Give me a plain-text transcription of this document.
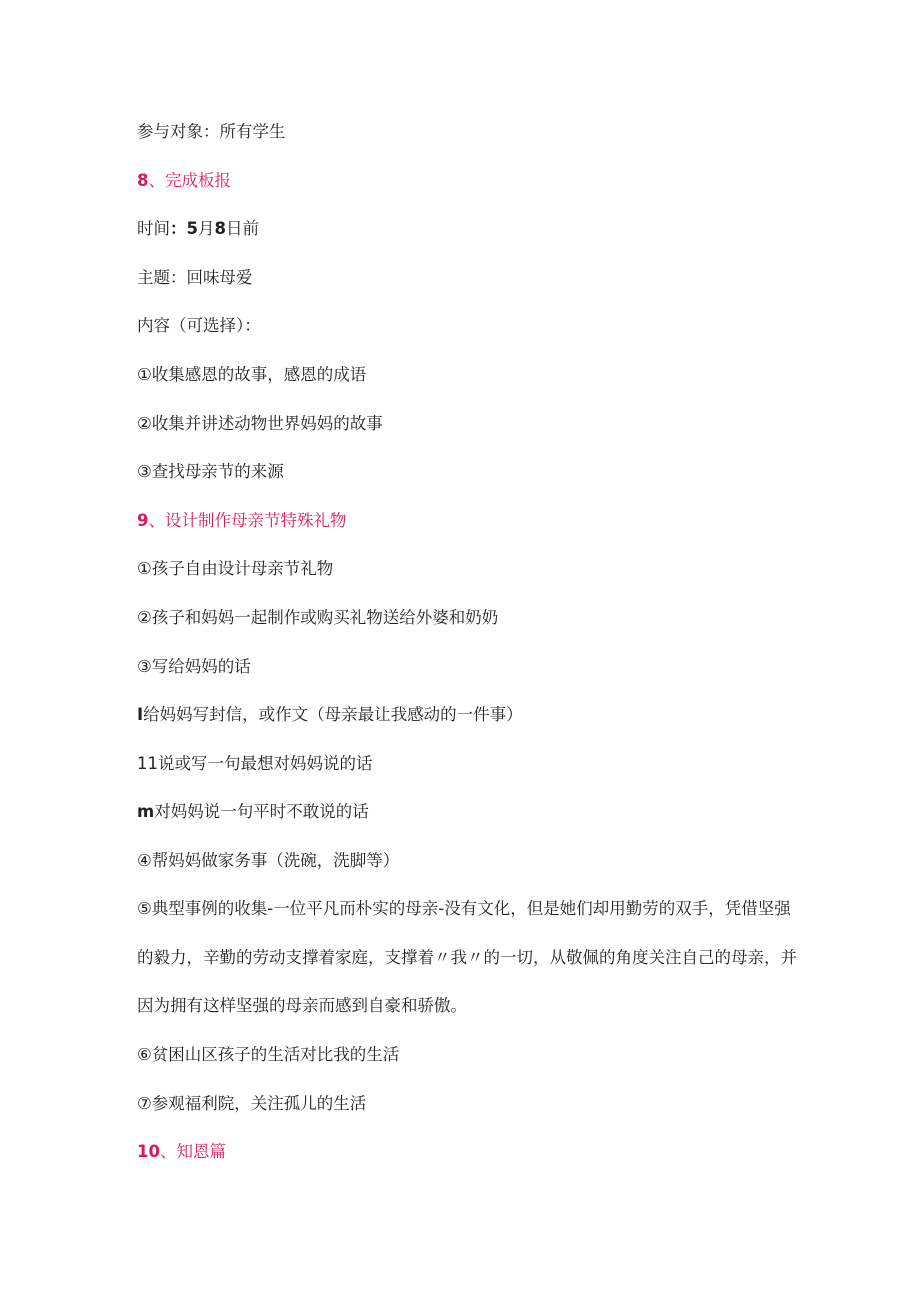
参与对象：所有学生
8、完成板报
时间：5月8日前
主题：回味母爱
内容（可选择）：
①收集感恩的故事，感恩的成语
②收集并讲述动物世界妈妈的故事
③查找母亲节的来源
9、设计制作母亲节特殊礼物
①孩子自由设计母亲节礼物
②孩子和妈妈一起制作或购买礼物送给外婆和奶奶
③写给妈妈的话
I给妈妈写封信，或作文（母亲最让我感动的一件事）
11说或写一句最想对妈妈说的话
m对妈妈说一句平时不敢说的话
④帮妈妈做家务事（洗碗，洗脚等）
⑤典型事例的收集-一位平凡而朴实的母亲-没有文化，但是她们却用勤劳的双手，凭借坚强的毅力，辛勤的劳动支撑着家庭，支撑着〃我〃的一切，从敬佩的角度关注自己的母亲，并因为拥有这样坚强的母亲而感到自豪和骄傲。
⑥贫困山区孩子的生活对比我的生活
⑦参观福利院，关注孤儿的生活
10、知恩篇
